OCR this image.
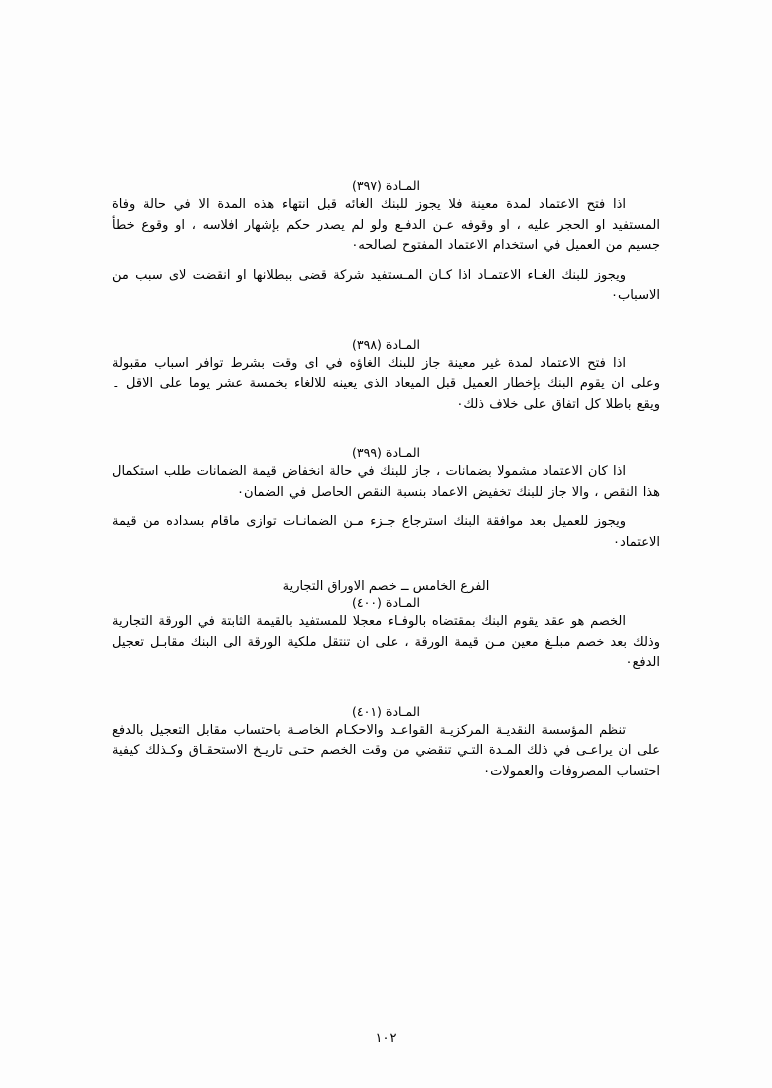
المـادة (٣٩٧)

اذا فتح الاعتماد لمدة معينة فلا يجوز للبنك الغائه قبل انتهاء هذه المدة الا في حالة وفاة المستفيد او الحجر عليه ، او وقوفه عـن الدفـع ولو لم يصدر حكم بإشهار افلاسه ، او وقوع خطأ جسيم من العميل في استخدام الاعتماد المفتوح لصالحه٠

ويجوز للبنك الغـاء الاعتمـاد اذا كـان المـستفيد شركة قضى ببطلانها او انقضت لاى سبب من الاسباب٠

المـادة (٣٩٨)

اذا فتح الاعتماد لمدة غير معينة جاز للبنك الغاؤه في اى وقت بشرط توافر اسباب مقبولة وعلى ان يقوم البنك بإخطار العميل قبل الميعاد الذى يعينه للالغاء بخمسة عشر يوما على الاقل ۔ ويقع باطلا كل اتفاق على خلاف ذلك٠

المـادة (٣٩٩)

اذا كان الاعتماد مشمولا بضمانات ، جاز للبنك في حالة انخفاض قيمة الضمانات طلب استكمال هذا النقص ، والا جاز للبنك تخفيض الاعماد بنسبة النقص الحاصل في الضمان٠

ويجوز للعميل بعد موافقة البنك استرجاع جـزء مـن الضمانـات توازى ماقام بسداده من قيمة الاعتماد٠

الفرع الخامس ــ خصم الاوراق التجارية
المـادة (٤٠٠)

الخصم هو عقد يقوم البنك بمقتضاه بالوفـاء معجلا للمستفيد بالقيمة الثابتة في الورقة التجارية وذلك بعد خصم مبلـغ معين مـن قيمة الورقة ، على ان تنتقل ملكية الورقة الى البنك مقابـل تعجيل الدفع٠

المـادة (٤٠١)

تنظم المؤسسة النقديـة المركزيـة القواعـد والاحكـام الخاصـة باحتساب مقابل التعجيل بالدفع على ان يراعـى في ذلك المـدة التـي تنقضي من وقت الخصم حتـى تاريـخ الاستحقـاق وكـذلك كيفية احتساب المصروفات والعمولات٠

١٠٢
